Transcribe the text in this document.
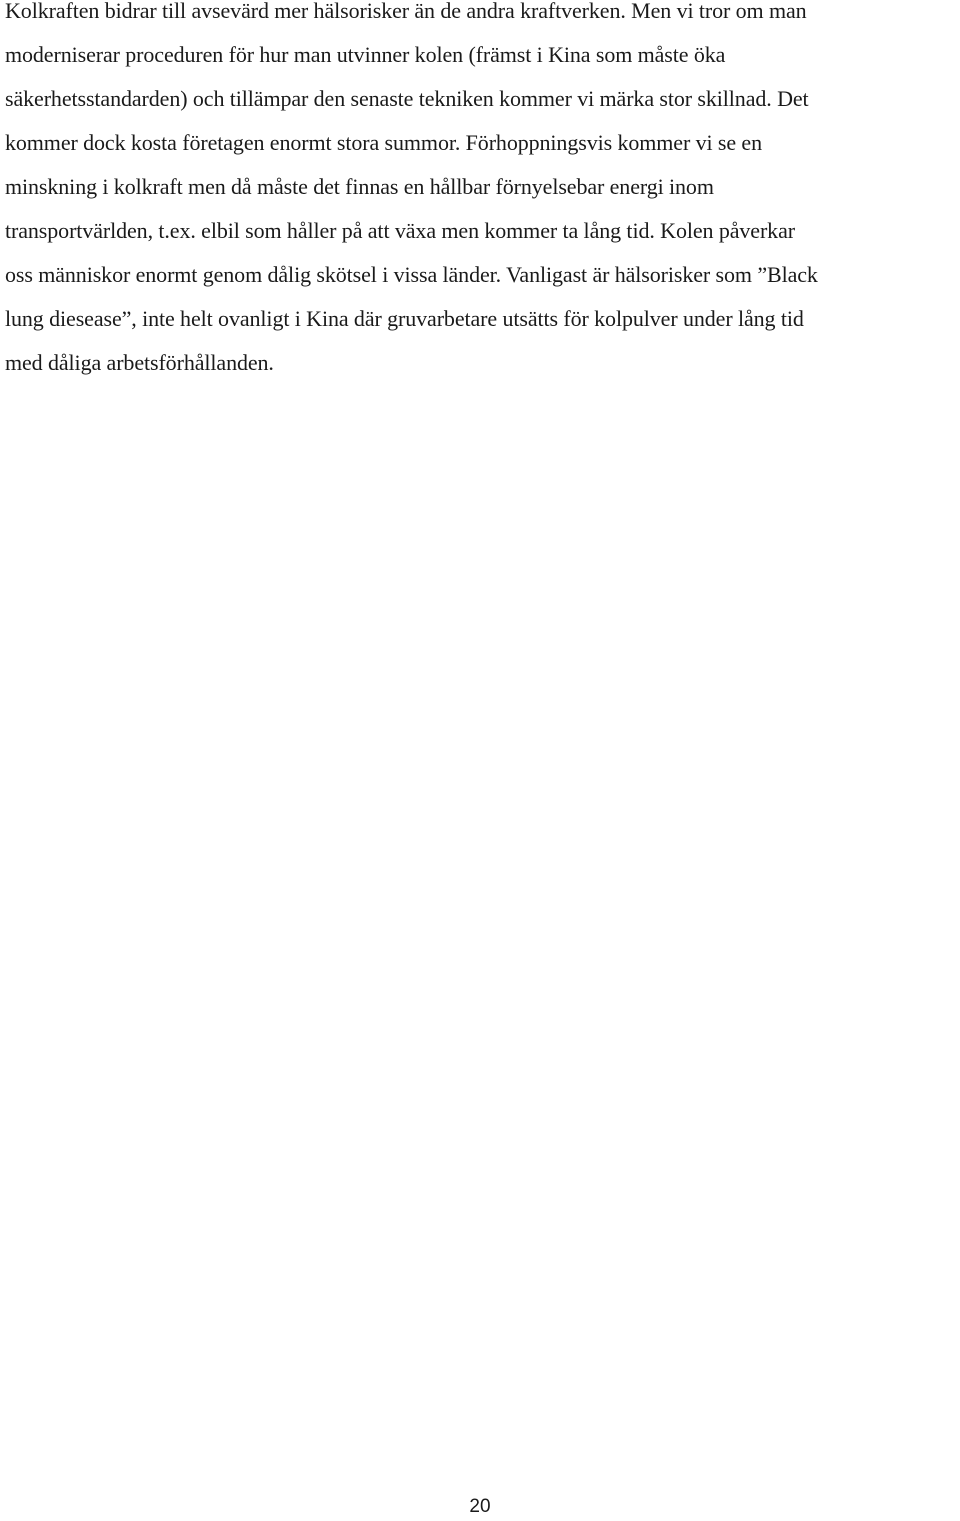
Kolkraften bidrar till avsevärd mer hälsorisker än de andra kraftverken. Men vi tror om man
moderniserar proceduren för hur man utvinner kolen (främst i Kina som måste öka
säkerhetsstandarden) och tillämpar den senaste tekniken kommer vi märka stor skillnad. Det
kommer dock kosta företagen enormt stora summor. Förhoppningsvis kommer vi se en
minskning i kolkraft men då måste det finnas en hållbar förnyelsebar energi inom
transportvärlden, t.ex. elbil som håller på att växa men kommer ta lång tid. Kolen påverkar
oss människor enormt genom dålig skötsel i vissa länder. Vanligast är hälsorisker som ”Black
lung diesease”, inte helt ovanligt i Kina där gruvarbetare utsätts för kolpulver under lång tid
med dåliga arbetsförhållanden.

20
